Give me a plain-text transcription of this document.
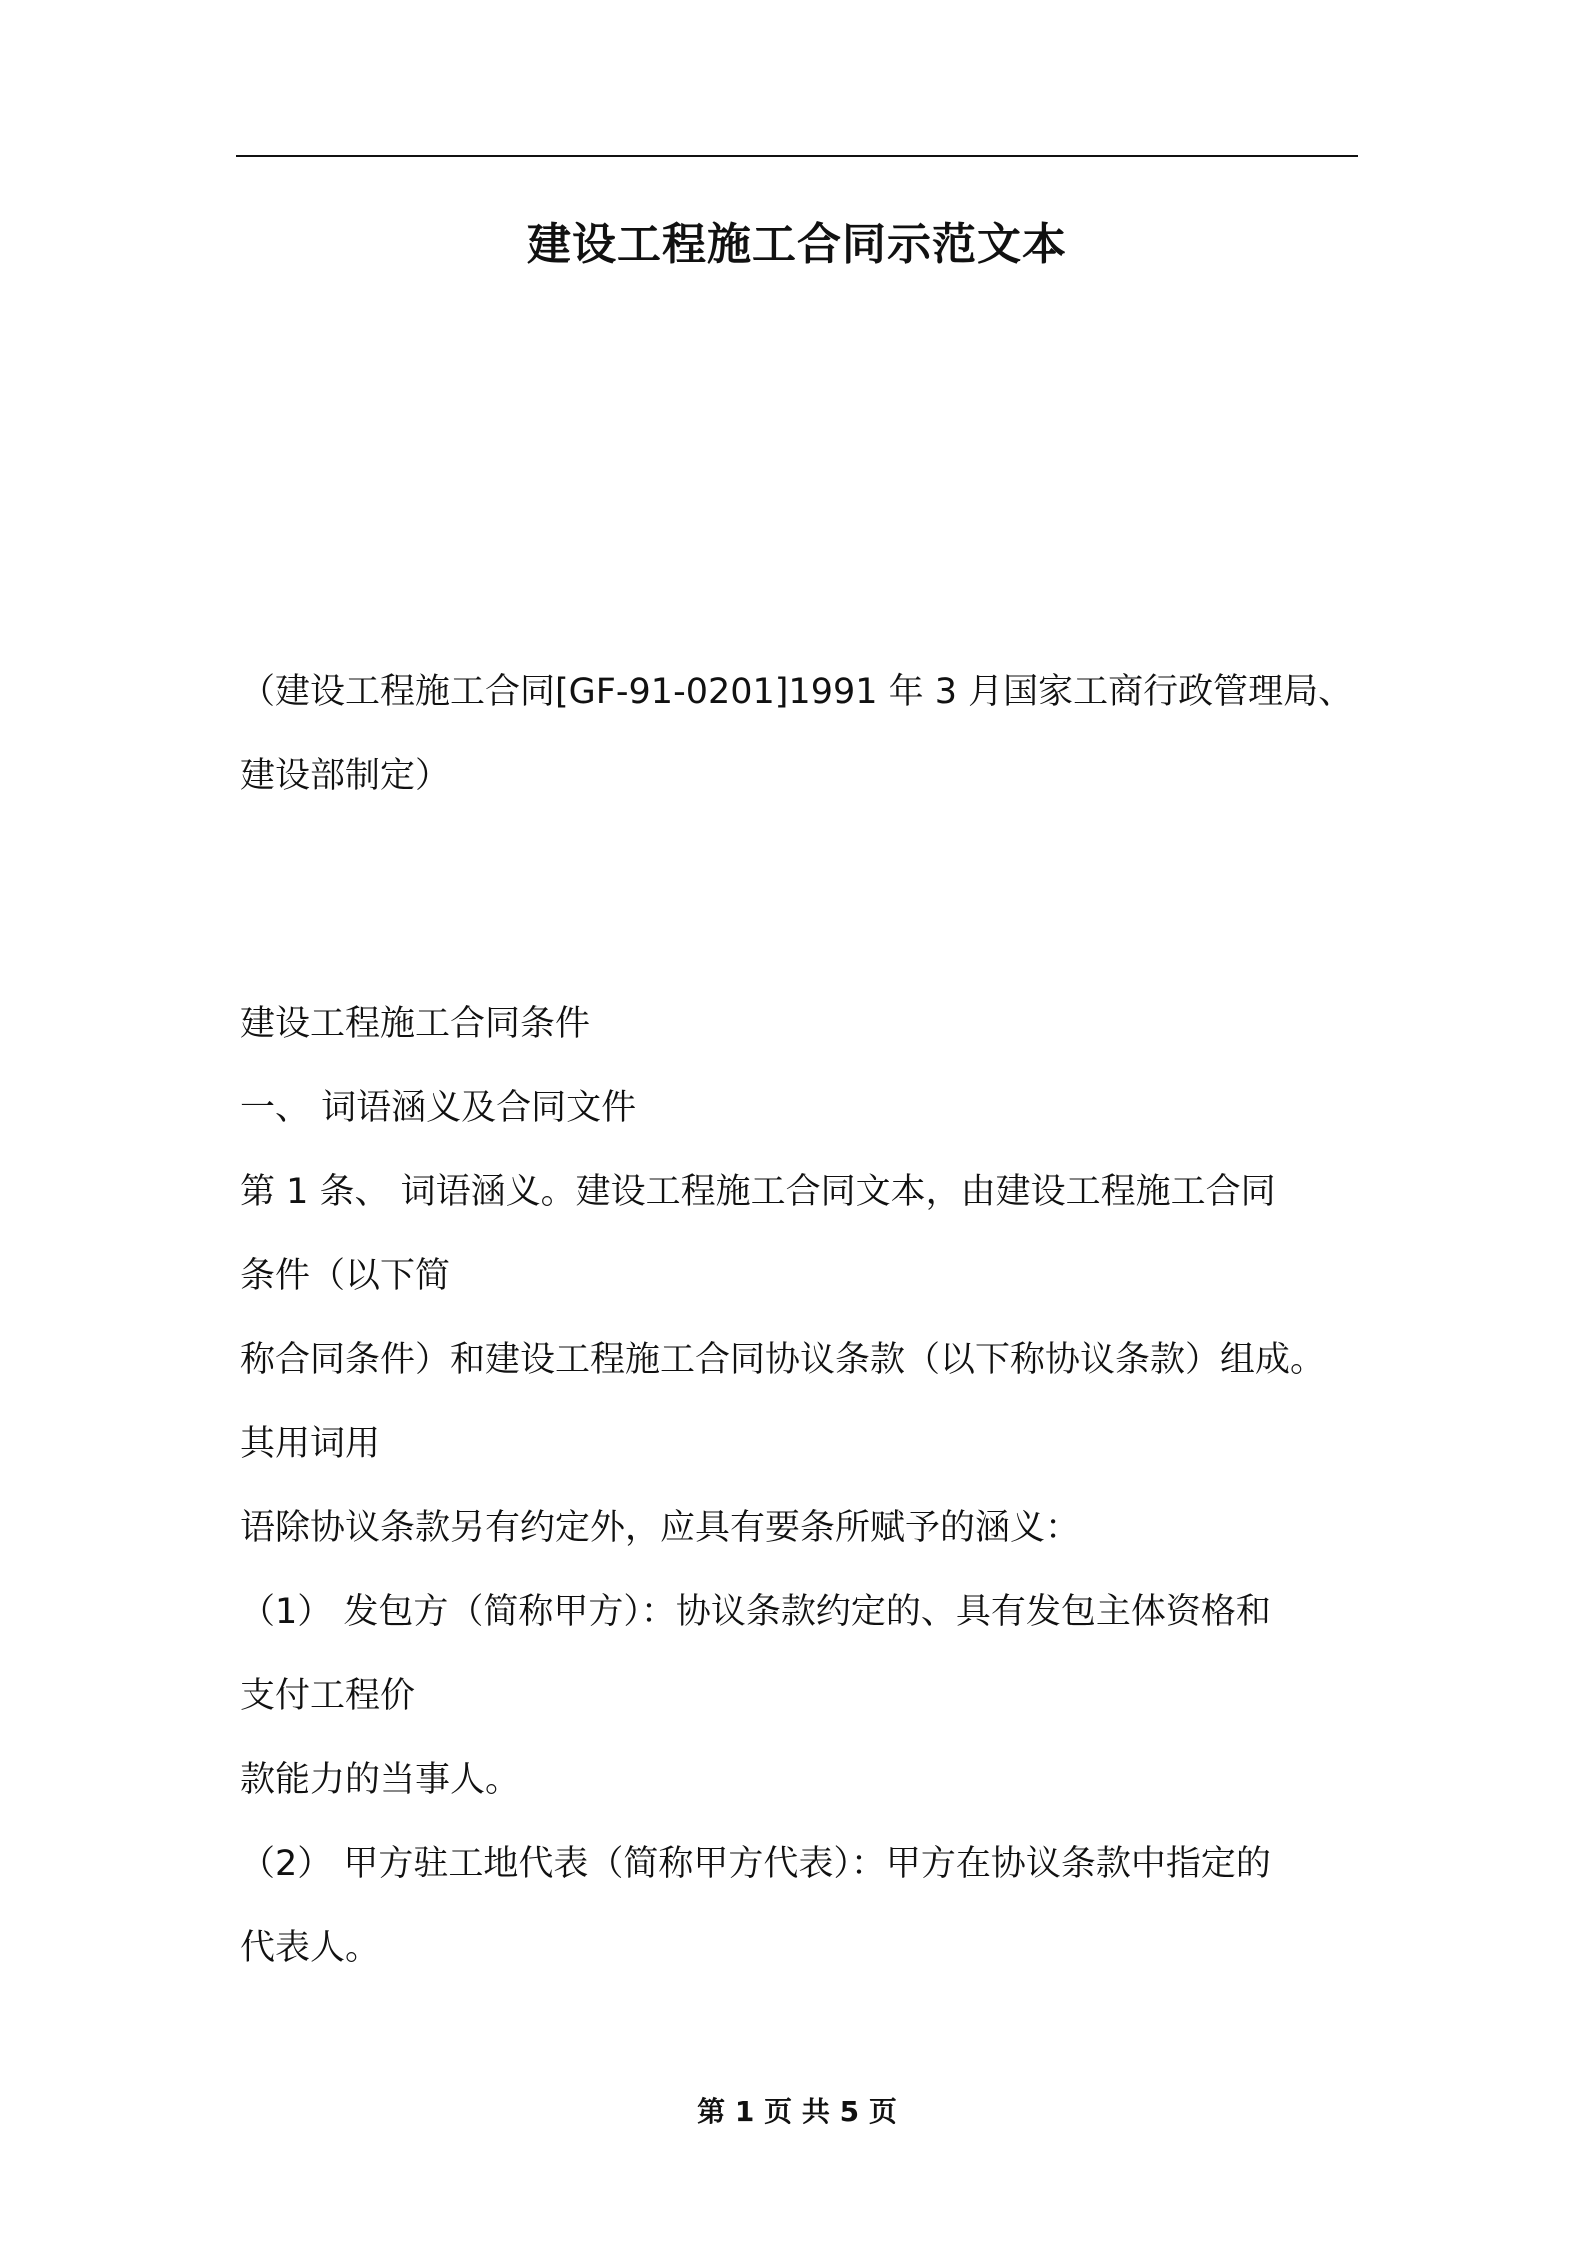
建设工程施工合同示范文本
（建设工程施工合同[GF-91-0201]1991 年 3 月国家工商行政管理局、
建设部制定）

建设工程施工合同条件

一、 词语涵义及合同文件

第 1 条、 词语涵义。建设工程施工合同文本，由建设工程施工合同

条件（以下简

称合同条件）和建设工程施工合同协议条款（以下称协议条款）组成。

其用词用

语除协议条款另有约定外，应具有要条所赋予的涵义：

（1） 发包方（简称甲方）：协议条款约定的、具有发包主体资格和

支付工程价

款能力的当事人。

（2） 甲方驻工地代表（简称甲方代表）：甲方在协议条款中指定的

代表人。

第 1 页 共 5 页
